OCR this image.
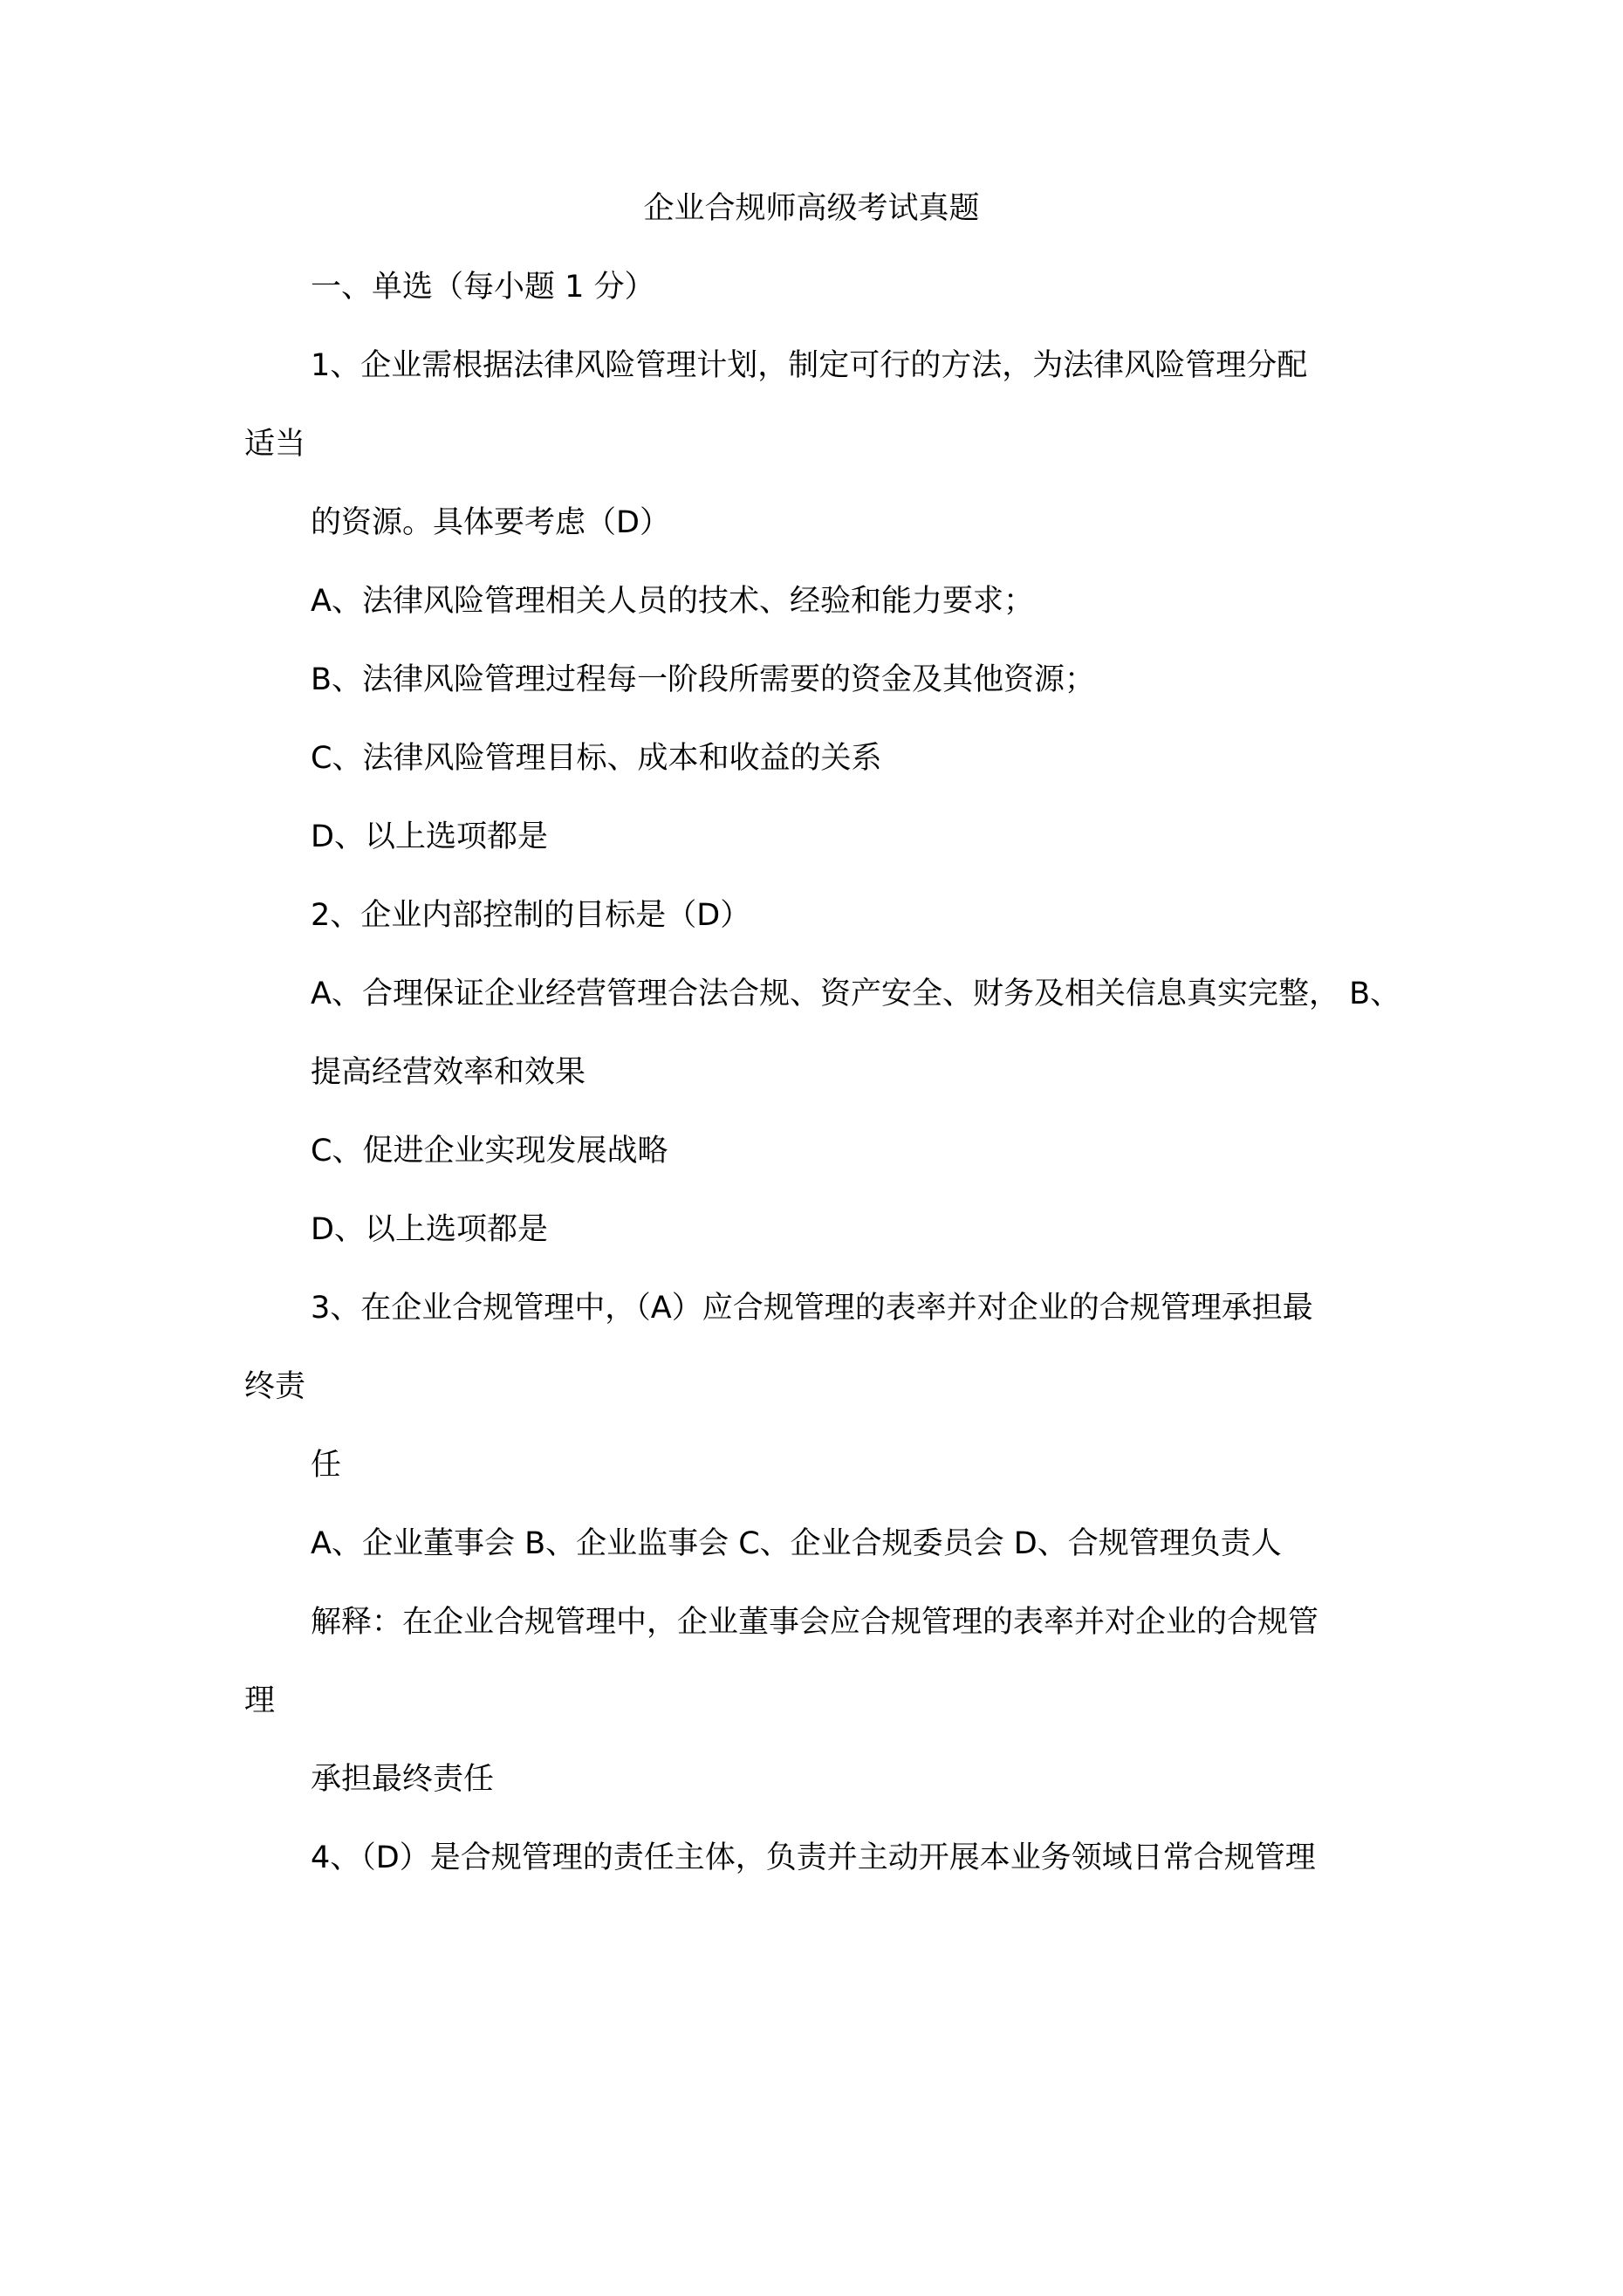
企业合规师高级考试真题
一、单选（每小题 1 分）
1、企业需根据法律风险管理计划，制定可行的方法，为法律风险管理分配
适当
的资源。具体要考虑（D）
A、法律风险管理相关人员的技术、经验和能力要求；
B、法律风险管理过程每一阶段所需要的资金及其他资源；
C、法律风险管理目标、成本和收益的关系
D、以上选项都是
2、企业内部控制的目标是（D）
A、合理保证企业经营管理合法合规、资产安全、财务及相关信息真实完整， B、
提高经营效率和效果
C、促进企业实现发展战略
D、以上选项都是
3、在企业合规管理中，（A）应合规管理的表率并对企业的合规管理承担最
终责
任
A、企业董事会 B、企业监事会 C、企业合规委员会 D、合规管理负责人
解释：在企业合规管理中，企业董事会应合规管理的表率并对企业的合规管
理
承担最终责任
4、（D）是合规管理的责任主体，负责并主动开展本业务领域日常合规管理
